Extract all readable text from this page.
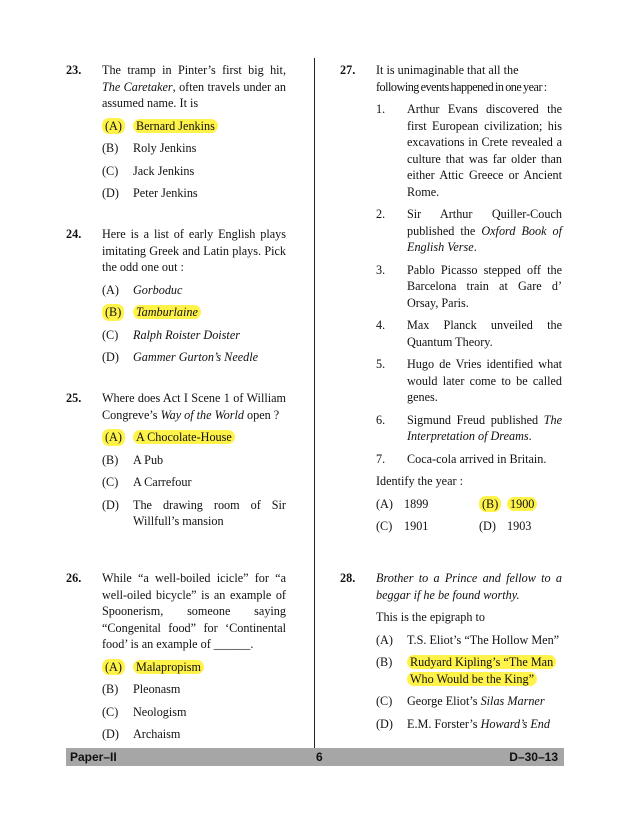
23. The tramp in Pinter’s first big hit, The Caretaker, often travels under an assumed name. It is
(A) Bernard Jenkins
(B) Roly Jenkins
(C) Jack Jenkins
(D) Peter Jenkins
24. Here is a list of early English plays imitating Greek and Latin plays. Pick the odd one out :
(A) Gorboduc
(B) Tamburlaine
(C) Ralph Roister Doister
(D) Gammer Gurton’s Needle
25. Where does Act I Scene 1 of William Congreve’s Way of the World open ?
(A) A Chocolate-House
(B) A Pub
(C) A Carrefour
(D) The drawing room of Sir Willfull’s mansion
26. While “a well-boiled icicle” for “a well-oiled bicycle” is an example of Spoonerism, someone saying “Congenital food” for ‘Continental food’ is an example of ______.
(A) Malapropism
(B) Pleonasm
(C) Neologism
(D) Archaism
27. It is unimaginable that all the
following events happened in one year :
1. Arthur Evans discovered the first European civilization; his excavations in Crete revealed a culture that was far older than either Attic Greece or Ancient Rome.
2. Sir Arthur Quiller-Couch published the Oxford Book of English Verse.
3. Pablo Picasso stepped off the Barcelona train at Gare d’ Orsay, Paris.
4. Max Planck unveiled the Quantum Theory.
5. Hugo de Vries identified what would later come to be called genes.
6. Sigmund Freud published The Interpretation of Dreams.
7. Coca-cola arrived in Britain.
Identify the year :
(A) 1899	(B) 1900
(C) 1901	(D) 1903
28. Brother to a Prince and fellow to a beggar if he be found worthy.
This is the epigraph to
(A) T.S. Eliot’s “The Hollow Men”
(B) Rudyard Kipling’s “The Man Who Would be the King”
(C) George Eliot’s Silas Marner
(D) E.M. Forster’s Howard’s End
Paper–II	6	D–30–13
